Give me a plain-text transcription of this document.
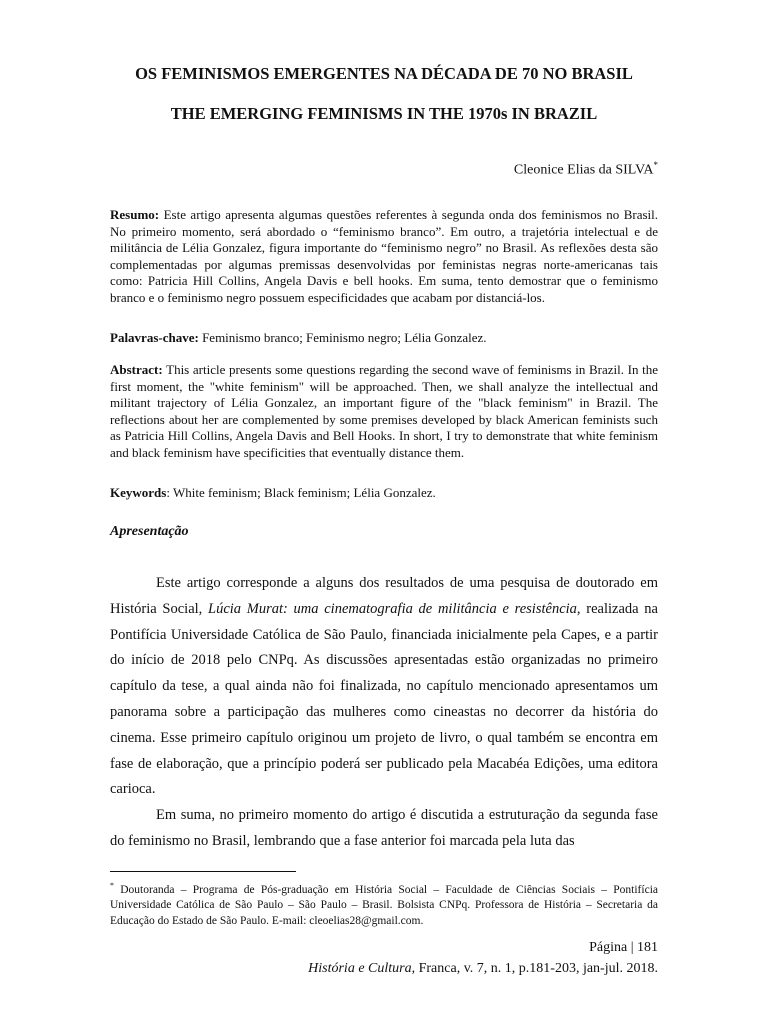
OS FEMINISMOS EMERGENTES NA DÉCADA DE 70 NO BRASIL
THE EMERGING FEMINISMS IN THE 1970s IN BRAZIL

Cleonice Elias da SILVA*

Resumo: Este artigo apresenta algumas questões referentes à segunda onda dos feminismos no Brasil. No primeiro momento, será abordado o “feminismo branco”. Em outro, a trajetória intelectual e de militância de Lélia Gonzalez, figura importante do “feminismo negro” no Brasil. As reflexões desta são complementadas por algumas premissas desenvolvidas por feministas negras norte-americanas tais como: Patricia Hill Collins, Angela Davis e bell hooks. Em suma, tento demostrar que o feminismo branco e o feminismo negro possuem especificidades que acabam por distanciá-los.

Palavras-chave: Feminismo branco; Feminismo negro; Lélia Gonzalez.

Abstract: This article presents some questions regarding the second wave of feminisms in Brazil. In the first moment, the "white feminism" will be approached. Then, we shall analyze the intellectual and militant trajectory of Lélia Gonzalez, an important figure of the "black feminism" in Brazil. The reflections about her are complemented by some premises developed by black American feminists such as Patricia Hill Collins, Angela Davis and Bell Hooks. In short, I try to demonstrate that white feminism and black feminism have specificities that eventually distance them.

Keywords: White feminism; Black feminism; Lélia Gonzalez.

Apresentação

Este artigo corresponde a alguns dos resultados de uma pesquisa de doutorado em História Social, Lúcia Murat: uma cinematografia de militância e resistência, realizada na Pontifícia Universidade Católica de São Paulo, financiada inicialmente pela Capes, e a partir do início de 2018 pelo CNPq. As discussões apresentadas estão organizadas no primeiro capítulo da tese, a qual ainda não foi finalizada, no capítulo mencionado apresentamos um panorama sobre a participação das mulheres como cineastas no decorrer da história do cinema. Esse primeiro capítulo originou um projeto de livro, o qual também se encontra em fase de elaboração, que a princípio poderá ser publicado pela Macabéa Edições, uma editora carioca.

Em suma, no primeiro momento do artigo é discutida a estruturação da segunda fase do feminismo no Brasil, lembrando que a fase anterior foi marcada pela luta das

* Doutoranda – Programa de Pós-graduação em História Social – Faculdade de Ciências Sociais – Pontifícia Universidade Católica de São Paulo – São Paulo – Brasil. Bolsista CNPq. Professora de História – Secretaria da Educação do Estado de São Paulo. E-mail: cleoelias28@gmail.com.

Página | 181

História e Cultura, Franca, v. 7, n. 1, p.181-203, jan-jul. 2018.
